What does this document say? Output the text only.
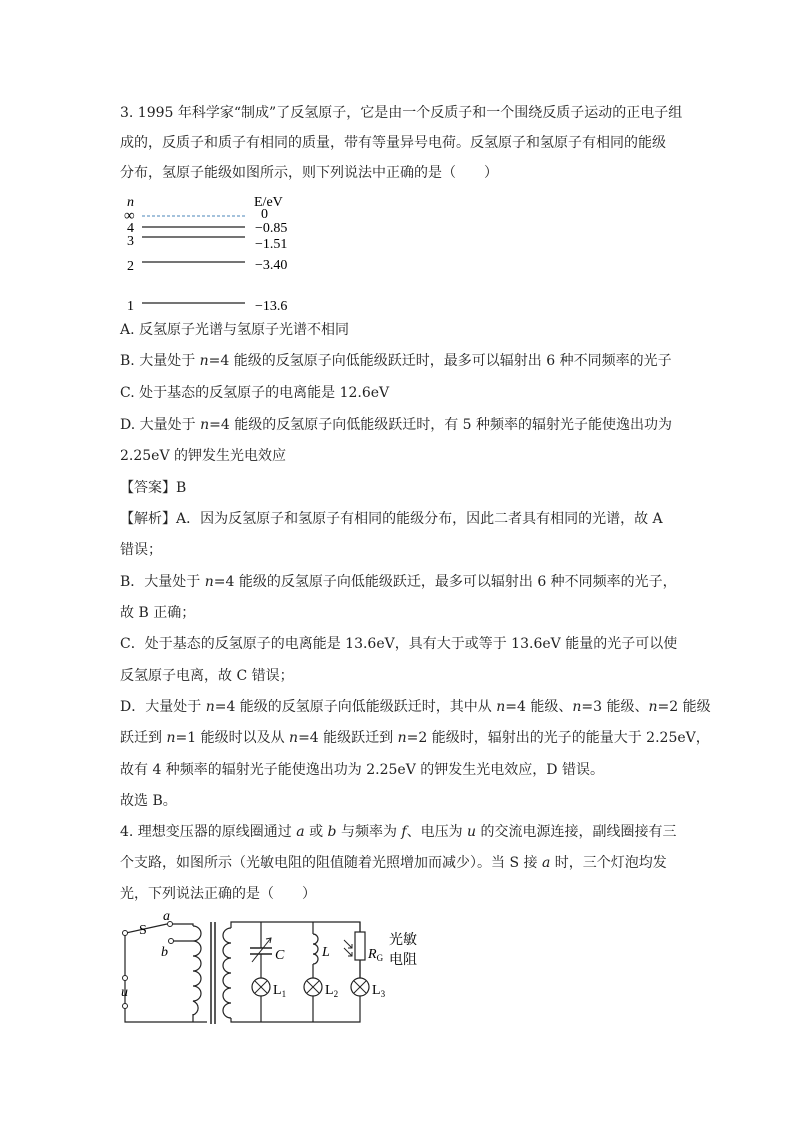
3. 1995 年科学家“制成”了反氢原子，它是由一个反质子和一个围绕反质子运动的正电子组
成的，反质子和质子有相同的质量，带有等量异号电荷。反氢原子和氢原子有相同的能级
分布，氢原子能级如图所示，则下列说法中正确的是（　　）
n	E/eV
∞	0
4	−0.85
3	−1.51
2	−3.40
1	−13.6
A. 反氢原子光谱与氢原子光谱不相同
B. 大量处于 n=4 能级的反氢原子向低能级跃迁时，最多可以辐射出 6 种不同频率的光子
C. 处于基态的反氢原子的电离能是 12.6eV
D. 大量处于 n=4 能级的反氢原子向低能级跃迁时，有 5 种频率的辐射光子能使逸出功为
2.25eV 的钾发生光电效应
【答案】B
【解析】A．因为反氢原子和氢原子有相同的能级分布，因此二者具有相同的光谱，故 A
错误；
B．大量处于 n=4 能级的反氢原子向低能级跃迁，最多可以辐射出 6 种不同频率的光子，
故 B 正确；
C．处于基态的反氢原子的电离能是 13.6eV，具有大于或等于 13.6eV 能量的光子可以使
反氢原子电离，故 C 错误；
D．大量处于 n=4 能级的反氢原子向低能级跃迁时，其中从 n=4 能级、n=3 能级、n=2 能级
跃迁到 n=1 能级时以及从 n=4 能级跃迁到 n=2 能级时，辐射出的光子的能量大于 2.25eV，
故有 4 种频率的辐射光子能使逸出功为 2.25eV 的钾发生光电效应，D 错误。
故选 B。
4. 理想变压器的原线圈通过 a 或 b 与频率为 f、电压为 u 的交流电源连接，副线圈接有三
个支路，如图所示（光敏电阻的阻值随着光照增加而减少）。当 S 接 a 时，三个灯泡均发
光，下列说法正确的是（　　）
S
a
b
u
C	L	$R_G$
$L_1$	$L_2$ $L_3$
光敏
电阻
